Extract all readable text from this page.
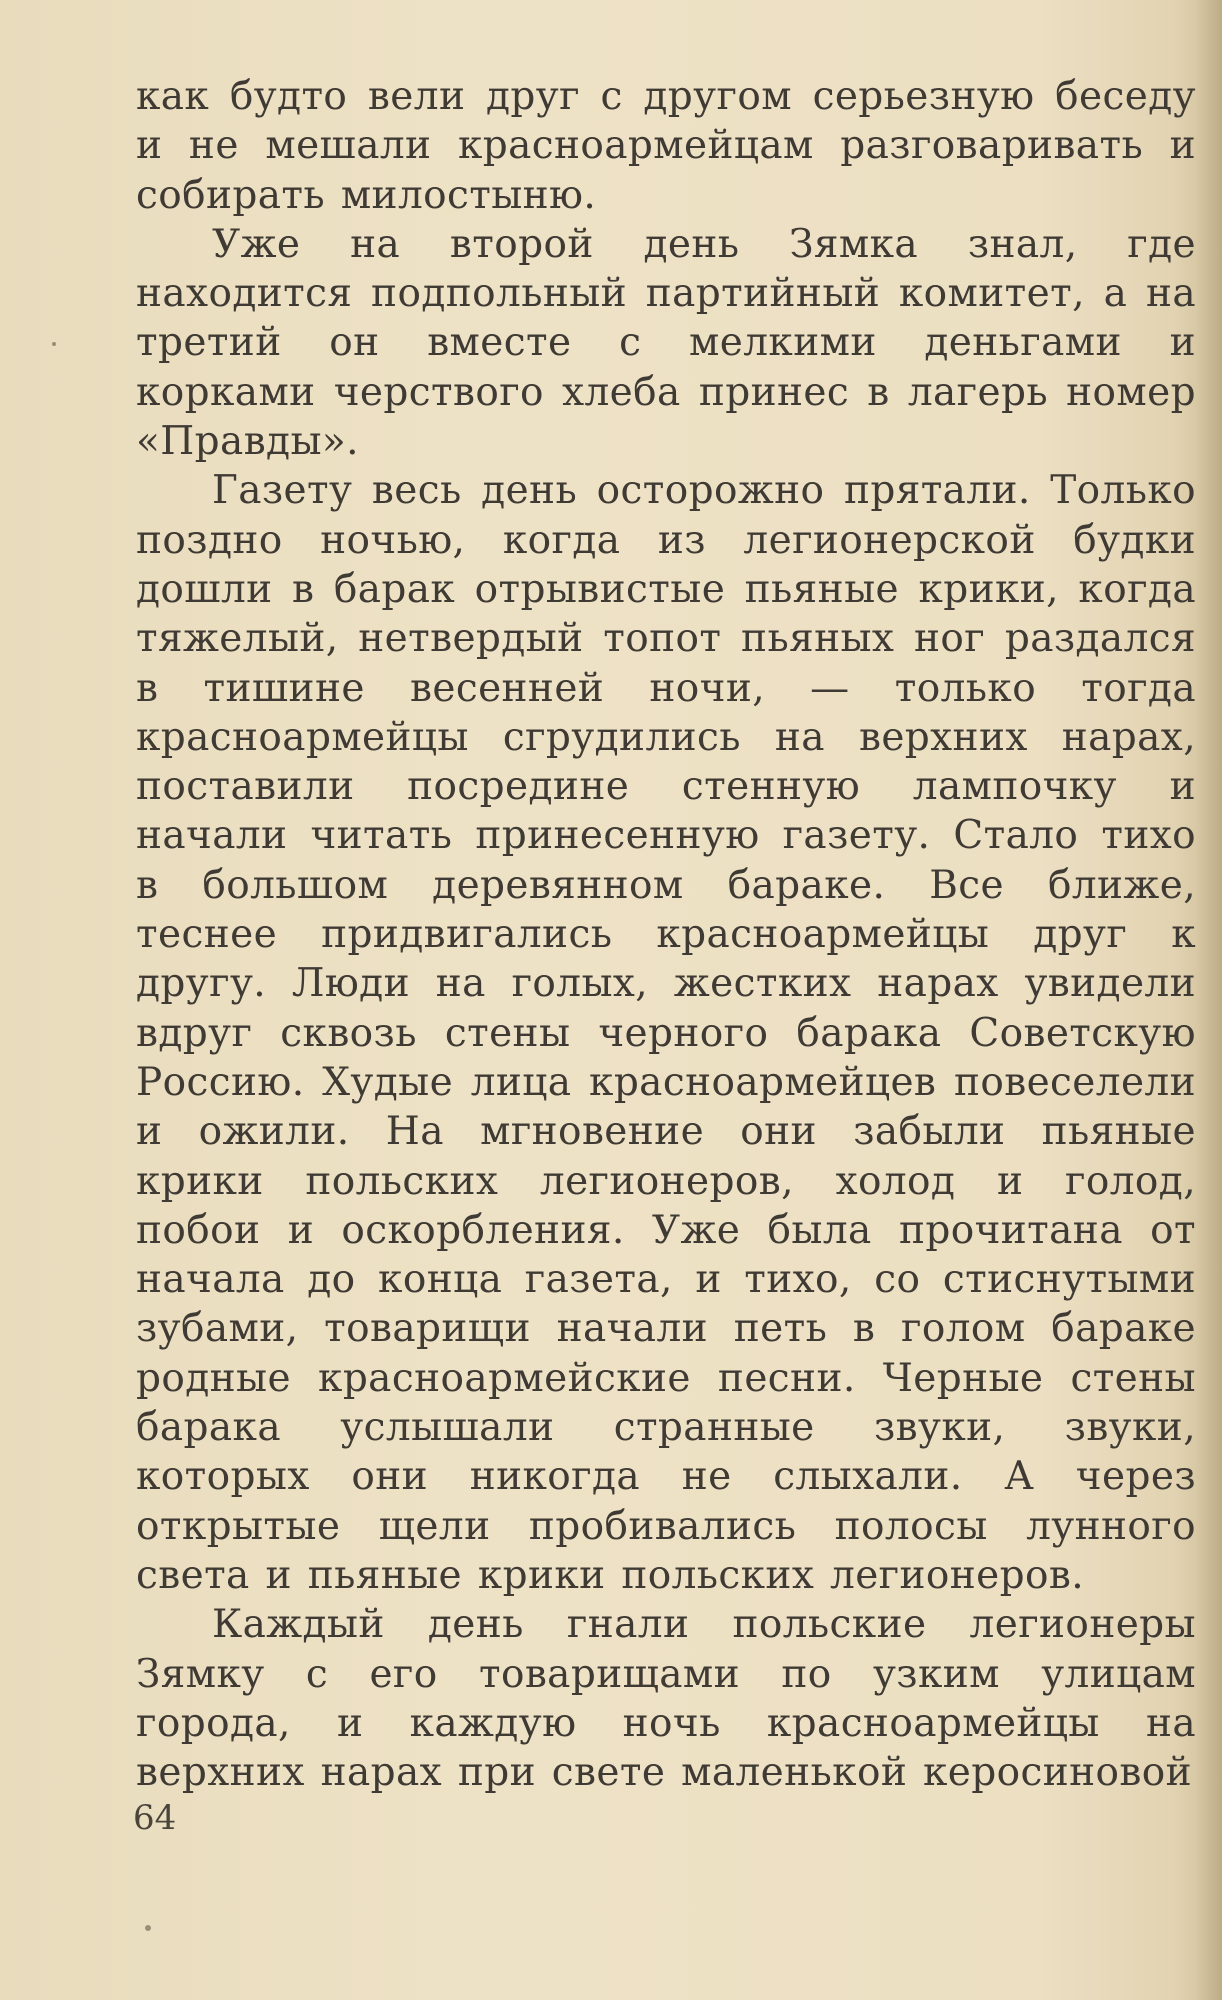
как будто вели друг с другом серьезную беседу и не мешали красноармейцам разговаривать и собирать милостыню.

Уже на второй день Зямка знал, где находится подпольный партийный комитет, а на третий он вместе с мелкими деньгами и корками черствого хлеба принес в лагерь номер «Правды».

Газету весь день осторожно прятали. Только поздно ночью, когда из легионерской будки дошли в барак отрывистые пьяные крики, когда тяжелый, нетвердый топот пьяных ног раздался в тишине весенней ночи, — только тогда красноармейцы сгрудились на верхних нарах, поставили посредине стенную лампочку и начали читать принесенную газету. Стало тихо в большом деревянном бараке. Все ближе, теснее придвигались красноармейцы друг к другу. Люди на голых, жестких нарах увидели вдруг сквозь стены черного барака Советскую Россию. Худые лица красноармейцев повеселели и ожили. На мгновение они забыли пьяные крики польских легионеров, холод и голод, побои и оскорбления. Уже была прочитана от начала до конца газета, и тихо, со стиснутыми зубами, товарищи начали петь в голом бараке родные красноармейские песни. Черные стены барака услышали странные звуки, звуки, которых они никогда не слыхали. А через открытые щели пробивались полосы лунного света и пьяные крики польских легионеров.

Каждый день гнали польские легионеры Зямку с его товарищами по узким улицам города, и каждую ночь красноармейцы на верхних нарах при свете маленькой керосиновой

64
